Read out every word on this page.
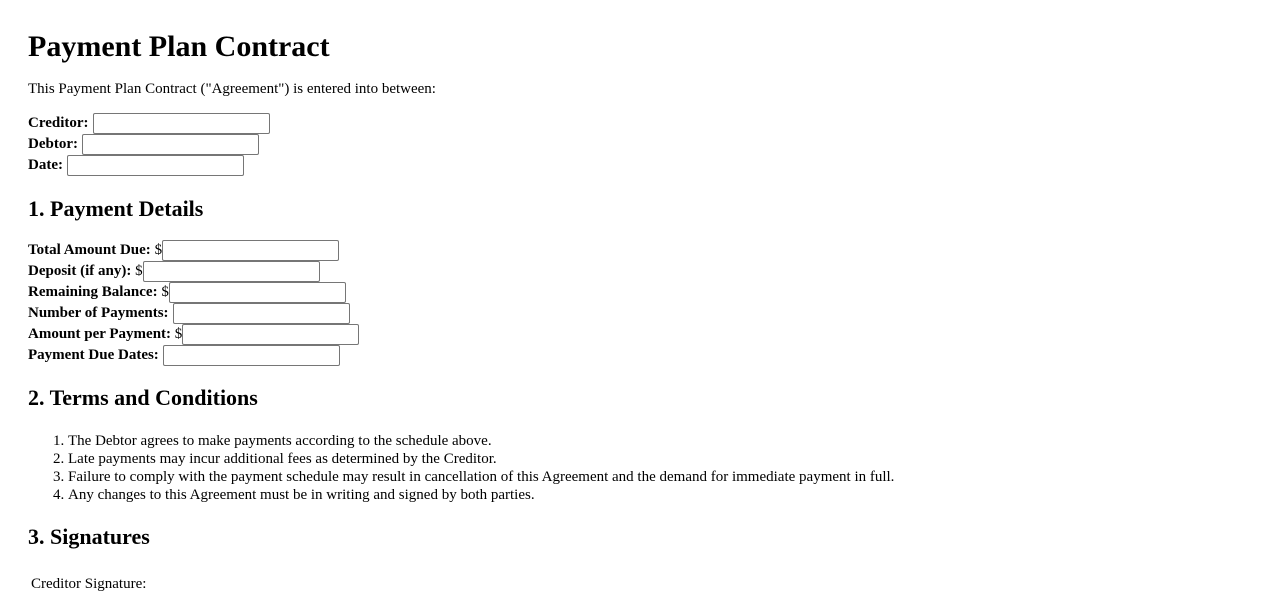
Payment Plan Contract

This Payment Plan Contract ("Agreement") is entered into between:

Creditor:
Debtor:
Date:
1. Payment Details
Total Amount Due: $
Deposit (if any): $
Remaining Balance: $
Number of Payments:
Amount per Payment: $
Payment Due Dates:
2. Terms and Conditions
1. The Debtor agrees to make payments according to the schedule above.
2. Late payments may incur additional fees as determined by the Creditor.
3. Failure to comply with the payment schedule may result in cancellation of this Agreement and the demand for immediate payment in full.
4. Any changes to this Agreement must be in writing and signed by both parties.
3. Signatures
Creditor Signature:
